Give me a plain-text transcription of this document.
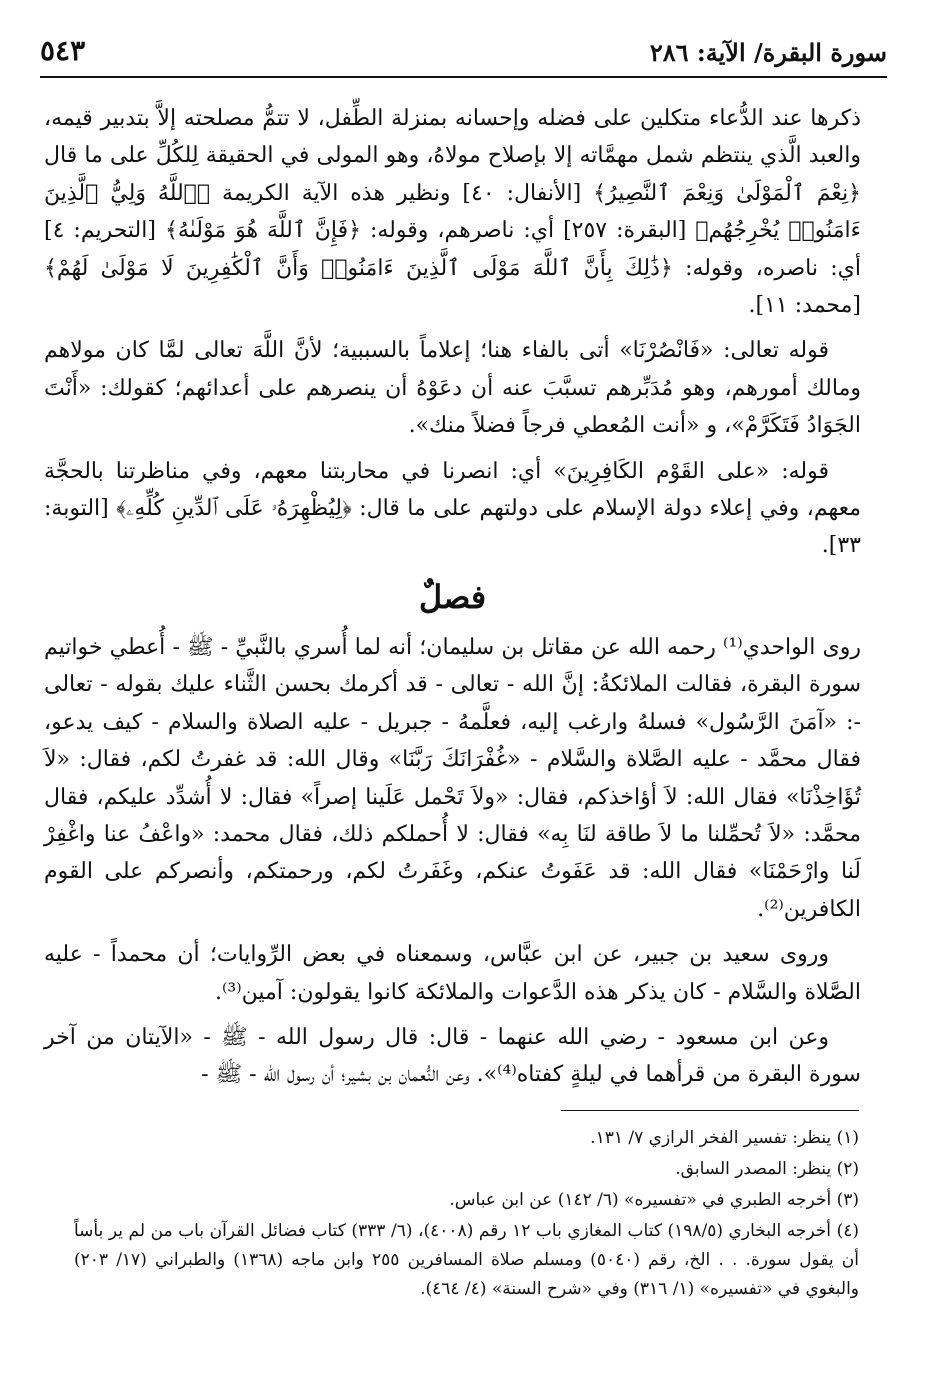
سورة البقرة/ الآية: ٢٨٦
٥٤٣

ذكرها عند الدُّعاء متكلين على فضله وإحسانه بمنزلة الطِّفل، لا تتمُّ مصلحته إلاَّ بتدبير قيمه، والعبد الَّذي ينتظم شمل مهمَّاته إلا بإصلاح مولاهُ، وهو المولى في الحقيقة لِلكُلِّ على ما قال ﴿نِعْمَ ٱلْمَوْلَىٰ وَنِعْمَ ٱلنَّصِيرُ﴾ [الأنفال: ٤٠] ونظير هذه الآية الكريمة ﴿ٱللَّهُ وَلِيُّ ٱلَّذِينَ ءَامَنُوا۟ يُخْرِجُهُم﴾ [البقرة: ٢٥٧] أي: ناصرهم، وقوله: ﴿فَإِنَّ ٱللَّهَ هُوَ مَوْلَىٰهُ﴾ [التحريم: ٤] أي: ناصره، وقوله: ﴿ذَٰلِكَ بِأَنَّ ٱللَّهَ مَوْلَى ٱلَّذِينَ ءَامَنُوا۟ وَأَنَّ ٱلْكَٰفِرِينَ لَا مَوْلَىٰ لَهُمْ﴾ [محمد: ١١].

قوله تعالى: «فَانْصُرْنَا» أتى بالفاء هنا؛ إعلاماً بالسببية؛ لأنَّ اللَّهَ تعالى لمَّا كان مولاهم ومالك أمورهم، وهو مُدَبِّرهم تسبَّبَ عنه أن دعَوْهُ أن ينصرهم على أعدائهم؛ كقولك: «أَنْتَ الجَوَادُ فَتَكَرَّمْ»، و «أنت المُعطي فرجاً فضلاً منك».

قوله: «على القَوْم الكَافِرِينَ» أي: انصرنا في محاربتنا معهم، وفي مناظرتنا بالحجَّة معهم، وفي إعلاء دولة الإسلام على دولتهم على ما قال: ﴿لِيُظْهِرَهُۥ عَلَى ٱلدِّينِ كُلِّهِۦ﴾ [التوبة: ٣٣].

فصلٌ

روى الواحدي⁽¹⁾ رحمه الله عن مقاتل بن سليمان؛ أنه لما أُسري بالنَّبيِّ - ﷺ - أُعطي خواتيم سورة البقرة، فقالت الملائكةُ: إنَّ الله - تعالى - قد أكرمك بحسن الثَّناء عليك بقوله - تعالى -: «آمَنَ الرَّسُول» فسلهُ وارغب إليه، فعلَّمهُ - جبريل - عليه الصلاة والسلام - كيف يدعو، فقال محمَّد - عليه الصَّلاة والسَّلام - «غُفْرَانَكَ رَبَّنَا» وقال الله: قد غفرتُ لكم، فقال: «لاَ تُؤَاخِذْنَا» فقال الله: لاَ أؤاخذكم، فقال: «ولاَ تَحْمل عَلَينا إصراً» فقال: لا أُشدِّد عليكم، فقال محمَّد: «لاَ تُحمِّلنا ما لاَ طاقة لنَا بِه» فقال: لا أُحملكم ذلك، فقال محمد: «واعْفُ عنا واغْفِرْ لَنا وارْحَمْنَا» فقال الله: قد عَفَوتُ عنكم، وغَفَرتُ لكم، ورحمتكم، وأنصركم على القوم الكافرين⁽²⁾.

وروى سعيد بن جبير، عن ابن عبَّاس، وسمعناه في بعض الرِّوايات؛ أن محمداً - عليه الصَّلاة والسَّلام - كان يذكر هذه الدَّعوات والملائكة كانوا يقولون: آمين⁽³⁾.

وعن ابن مسعود - رضي الله عنهما - قال: قال رسول الله - ﷺ - «الآيتان من آخر سورة البقرة من قرأهما في ليلةٍ كفتاه⁽⁴⁾». وعن النُّعمان بن بشير؛ أن رسول الله - ﷺ -

(١) ينظر: تفسير الفخر الرازي ٧/ ١٣١.
(٢) ينظر: المصدر السابق.
(٣) أخرجه الطبري في «تفسيره» (٦/ ١٤٢) عن ابن عباس.
(٤) أخرجه البخاري (١٩٨/٥) كتاب المغازي باب ١٢ رقم (٤٠٠٨)، (٦/ ٣٣٣) كتاب فضائل القرآن باب من لم ير بأساً أن يقول سورة. . . الخ، رقم (٥٠٤٠) ومسلم صلاة المسافرين ٢٥٥ وابن ماجه (١٣٦٨) والطبراني (١٧/ ٢٠٣) والبغوي في «تفسيره» (١/ ٣١٦) وفي «شرح السنة» (٤/ ٤٦٤).
